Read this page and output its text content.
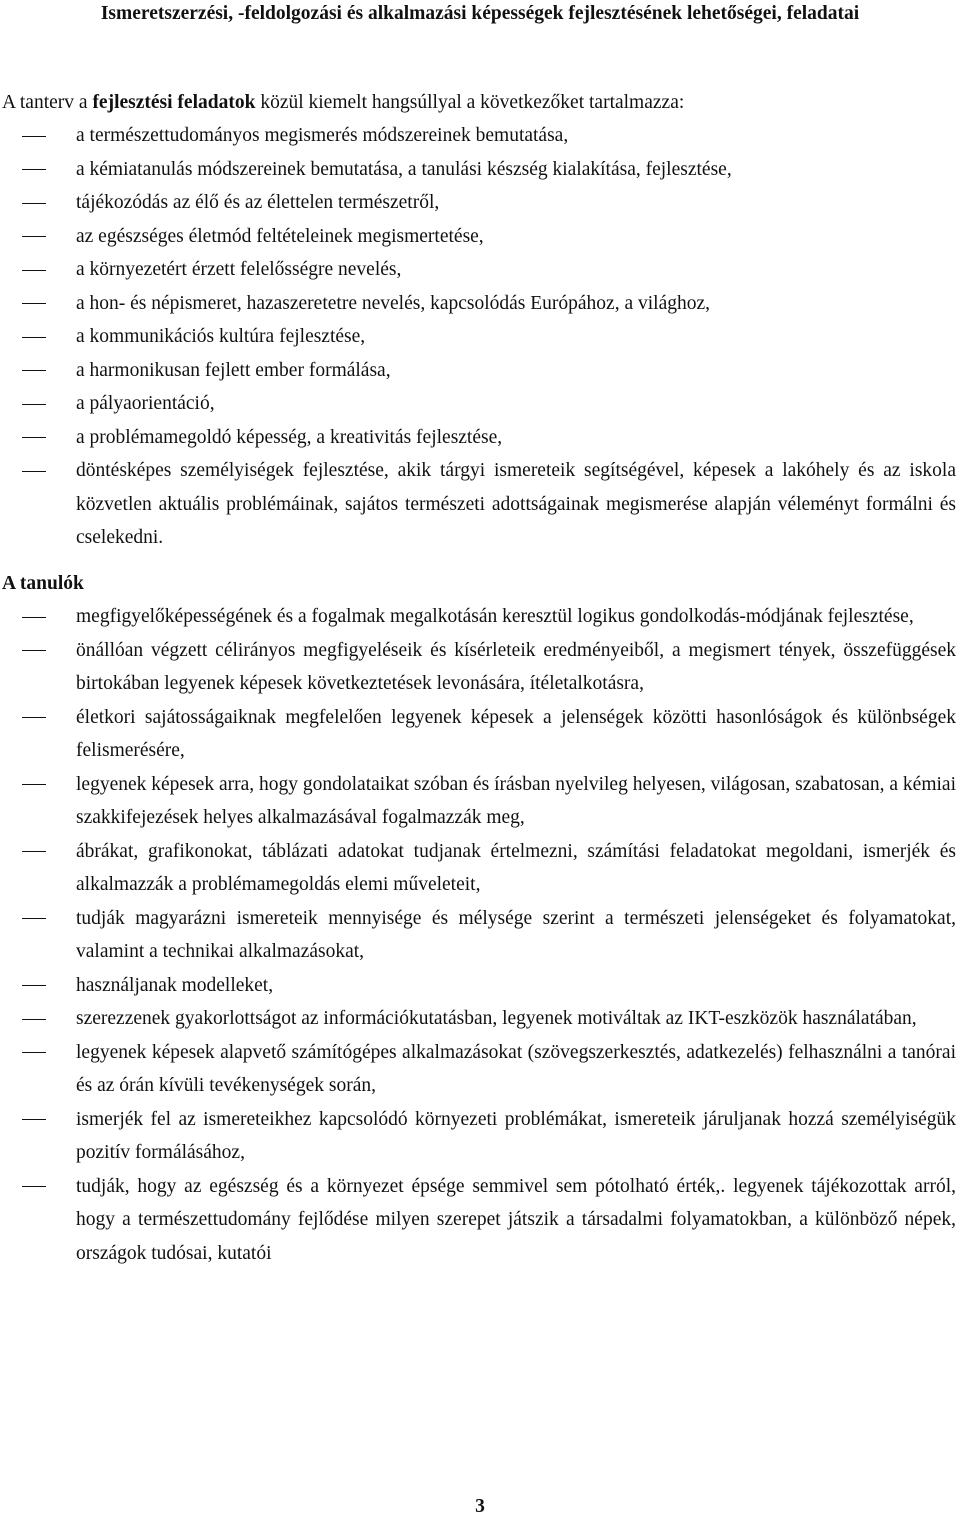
Ismeretszerzési, -feldolgozási és alkalmazási képességek fejlesztésének lehetőségei, feladatai
A tanterv a fejlesztési feladatok közül kiemelt hangsúllyal a következőket tartalmazza:
a természettudományos megismerés módszereinek bemutatása,
a kémiatanulás módszereinek bemutatása, a tanulási készség kialakítása, fejlesztése,
tájékozódás az élő és az élettelen természetről,
az egészséges életmód feltételeinek megismertetése,
a környezetért érzett felelősségre nevelés,
a hon- és népismeret, hazaszeretetre nevelés, kapcsolódás Európához, a világhoz,
a kommunikációs kultúra fejlesztése,
a harmonikusan fejlett ember formálása,
a pályaorientáció,
a problémamegoldó képesség, a kreativitás fejlesztése,
döntésképes személyiségek fejlesztése, akik tárgyi ismereteik segítségével, képesek a lakóhely és az iskola közvetlen aktuális problémáinak, sajátos természeti adottságainak megismerése alapján véleményt formálni és cselekedni.
A tanulók
megfigyelőképességének és a fogalmak megalkotásán keresztül logikus gondolkodás-módjának fejlesztése,
önállóan végzett célirányos megfigyeléseik és kísérleteik eredményeiből, a megismert tények, összefüggések birtokában legyenek képesek következtetések levonására, ítéletalkotásra,
életkori sajátosságaiknak megfelelően legyenek képesek a jelenségek közötti hasonlóságok és különbségek felismerésére,
legyenek képesek arra, hogy gondolataikat szóban és írásban nyelvileg helyesen, világosan, szabatosan, a kémiai szakkifejezések helyes alkalmazásával fogalmazzák meg,
ábrákat, grafikonokat, táblázati adatokat tudjanak értelmezni, számítási feladatokat megoldani, ismerjék és alkalmazzák a problémamegoldás elemi műveleteit,
tudják magyarázni ismereteik mennyisége és mélysége szerint a természeti jelenségeket és folyamatokat, valamint a technikai alkalmazásokat,
használjanak modelleket,
szerezzenek gyakorlottságot az információkutatásban, legyenek motiváltak az IKT-eszközök használatában,
legyenek képesek alapvető számítógépes alkalmazásokat (szövegszerkesztés, adatkezelés) felhasználni a tanórai és az órán kívüli tevékenységek során,
ismerjék fel az ismereteikhez kapcsolódó környezeti problémákat, ismereteik járuljanak hozzá személyiségük pozitív formálásához,
tudják, hogy az egészség és a környezet épsége semmivel sem pótolható érték,. legyenek tájékozottak arról, hogy a természettudomány fejlődése milyen szerepet játszik a társadalmi folyamatokban, a különböző népek, országok tudósai, kutatói
3
